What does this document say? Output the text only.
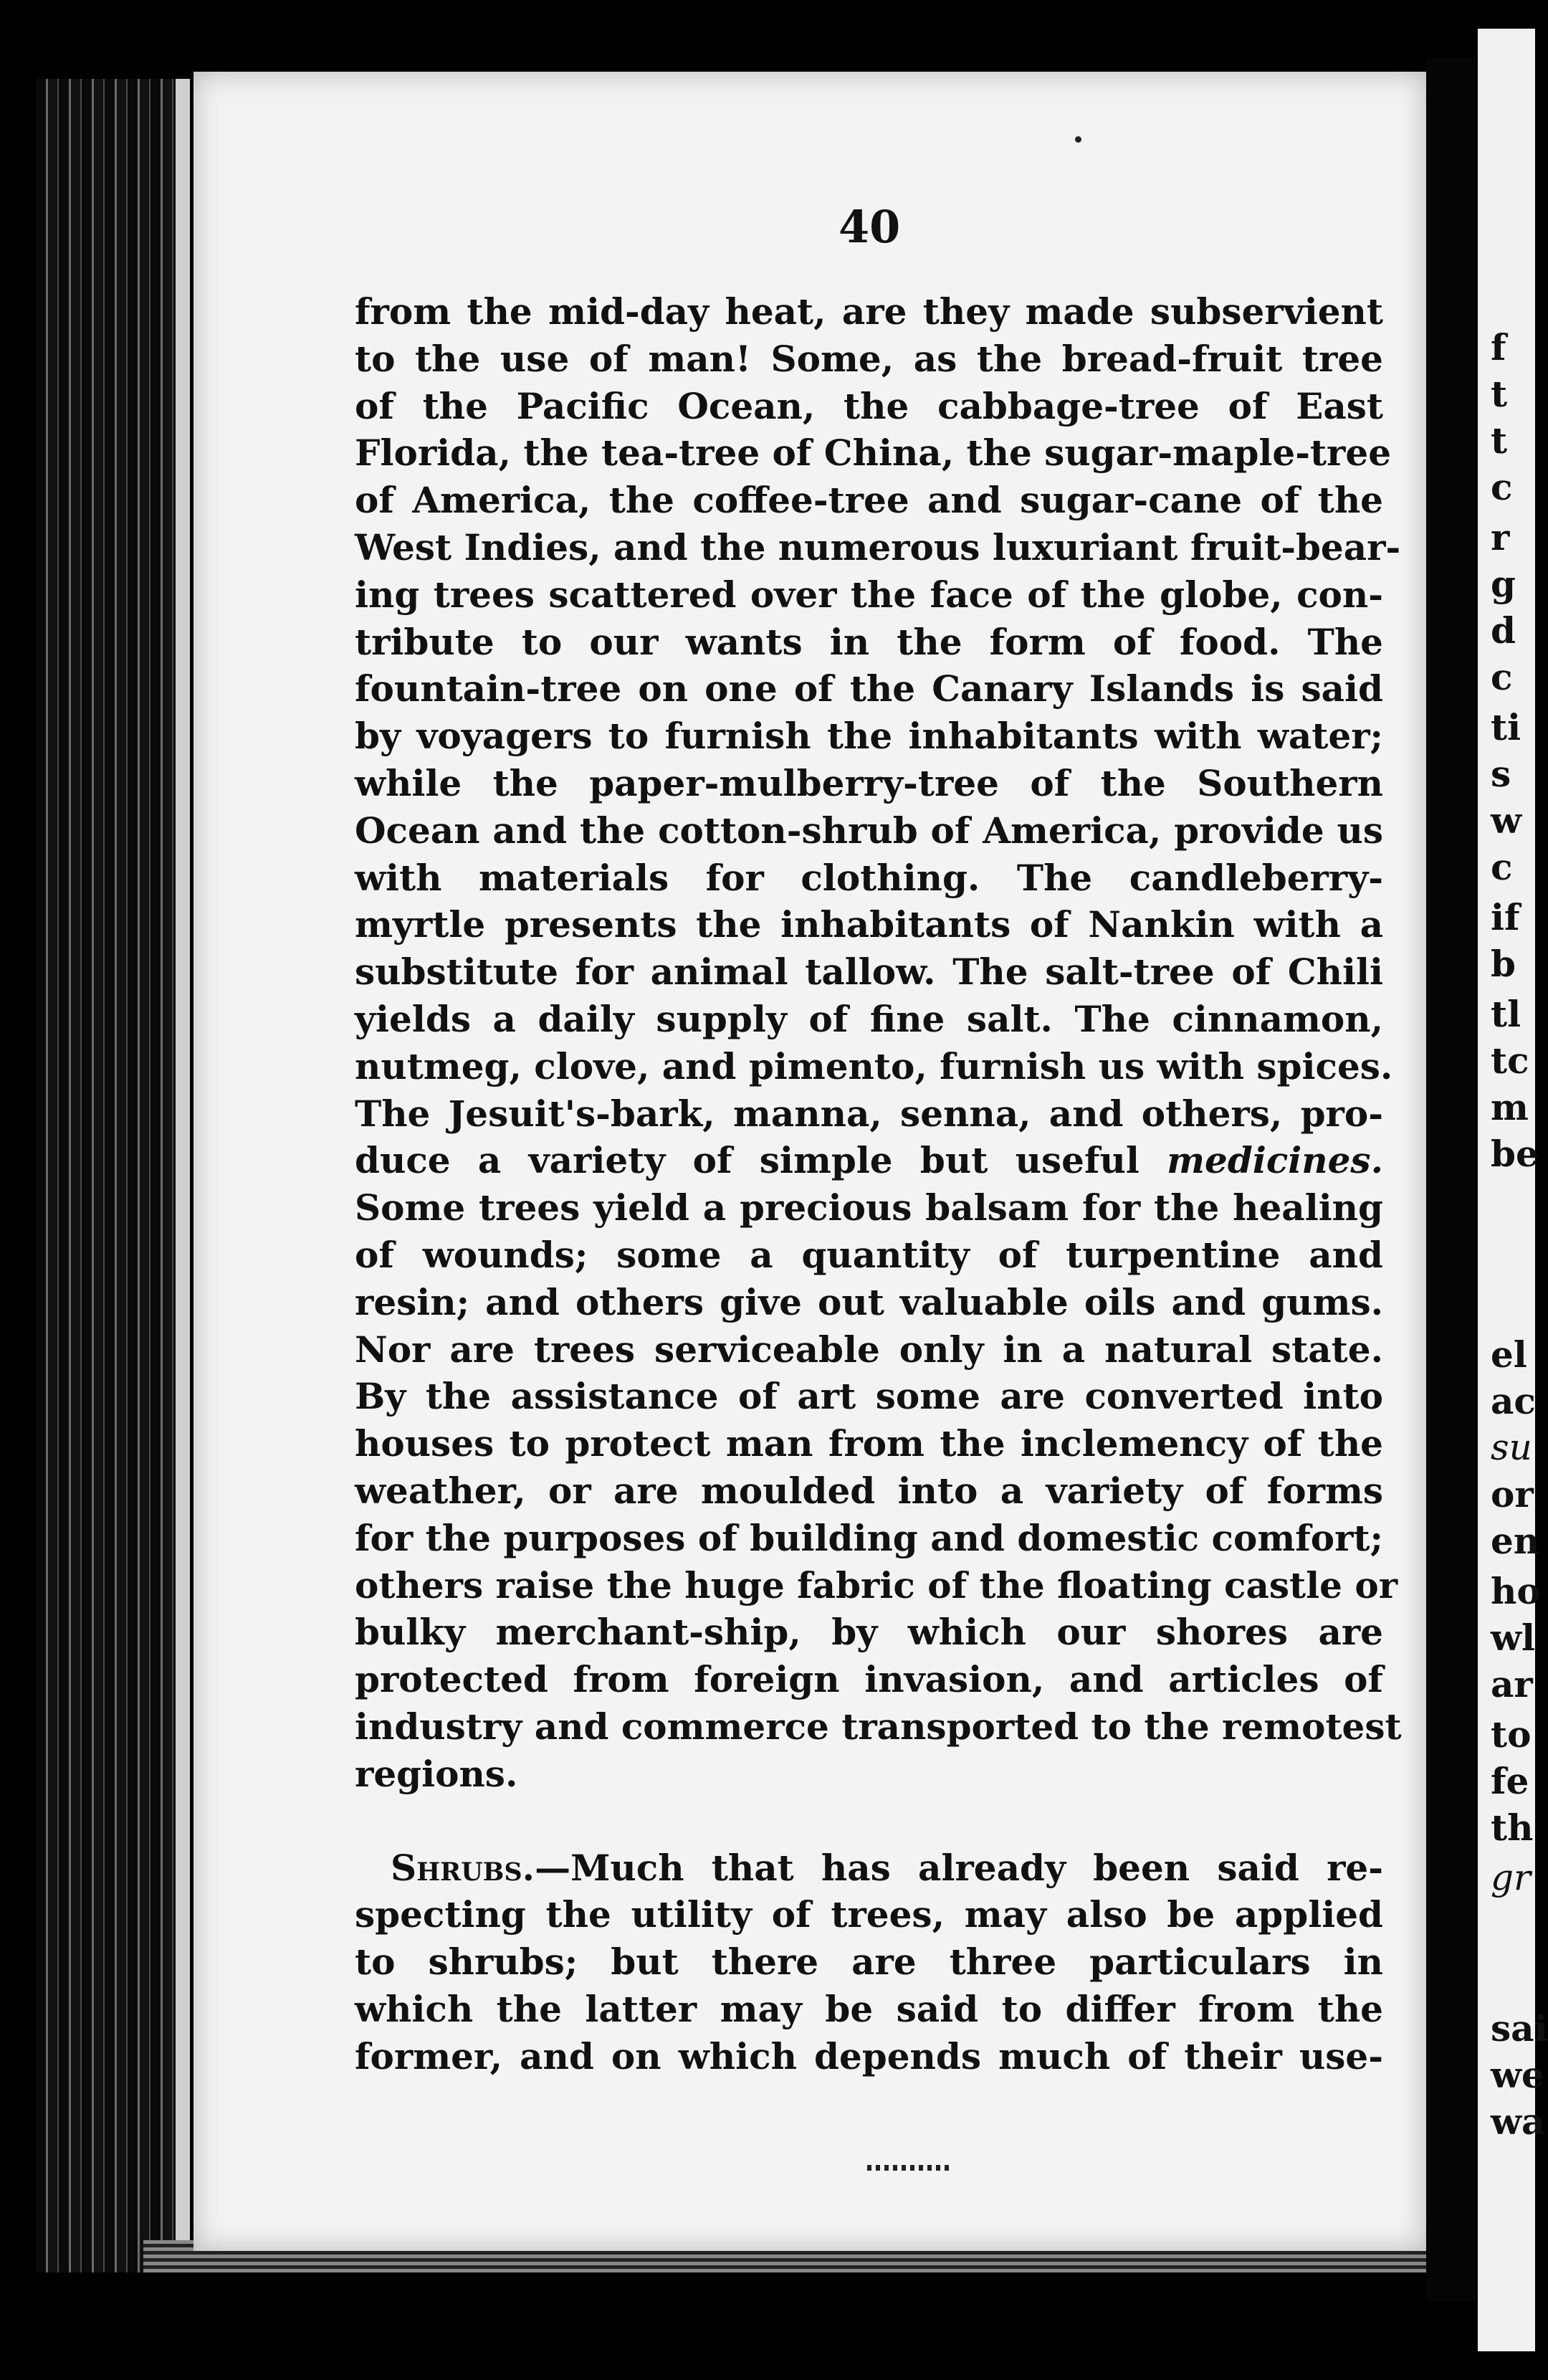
40
from the mid-day heat, are they made subservient
to the use of man! Some, as the bread-fruit tree
of the Pacific Ocean, the cabbage-tree of East
Florida, the tea-tree of China, the sugar-maple-tree
of America, the coffee-tree and sugar-cane of the
West Indies, and the numerous luxuriant fruit-bear-
ing trees scattered over the face of the globe, con-
tribute to our wants in the form of food. The
fountain-tree on one of the Canary Islands is said
by voyagers to furnish the inhabitants with water;
while the paper-mulberry-tree of the Southern
Ocean and the cotton-shrub of America, provide us
with materials for clothing. The candleberry-
myrtle presents the inhabitants of Nankin with a
substitute for animal tallow. The salt-tree of Chili
yields a daily supply of fine salt. The cinnamon,
nutmeg, clove, and pimento, furnish us with spices.
The Jesuit's-bark, manna, senna, and others, pro-
duce a variety of simple but useful medicines.
Some trees yield a precious balsam for the healing
of wounds; some a quantity of turpentine and
resin; and others give out valuable oils and gums.
Nor are trees serviceable only in a natural state.
By the assistance of art some are converted into
houses to protect man from the inclemency of the
weather, or are moulded into a variety of forms
for the purposes of building and domestic comfort;
others raise the huge fabric of the floating castle or
bulky merchant-ship, by which our shores are
protected from foreign invasion, and articles of
industry and commerce transported to the remotest
regions.
Shrubs.—Much that has already been said re-
specting the utility of trees, may also be applied
to shrubs; but there are three particulars in
which the latter may be said to differ from the
former, and on which depends much of their use-
f
t
t
c
r
g
d
c
ti
s
w
c
if
b
tl
tc
m
be
el
ac
su
or
en
ho
wl
ar
to
fe
th
gr
sai
we
wa
